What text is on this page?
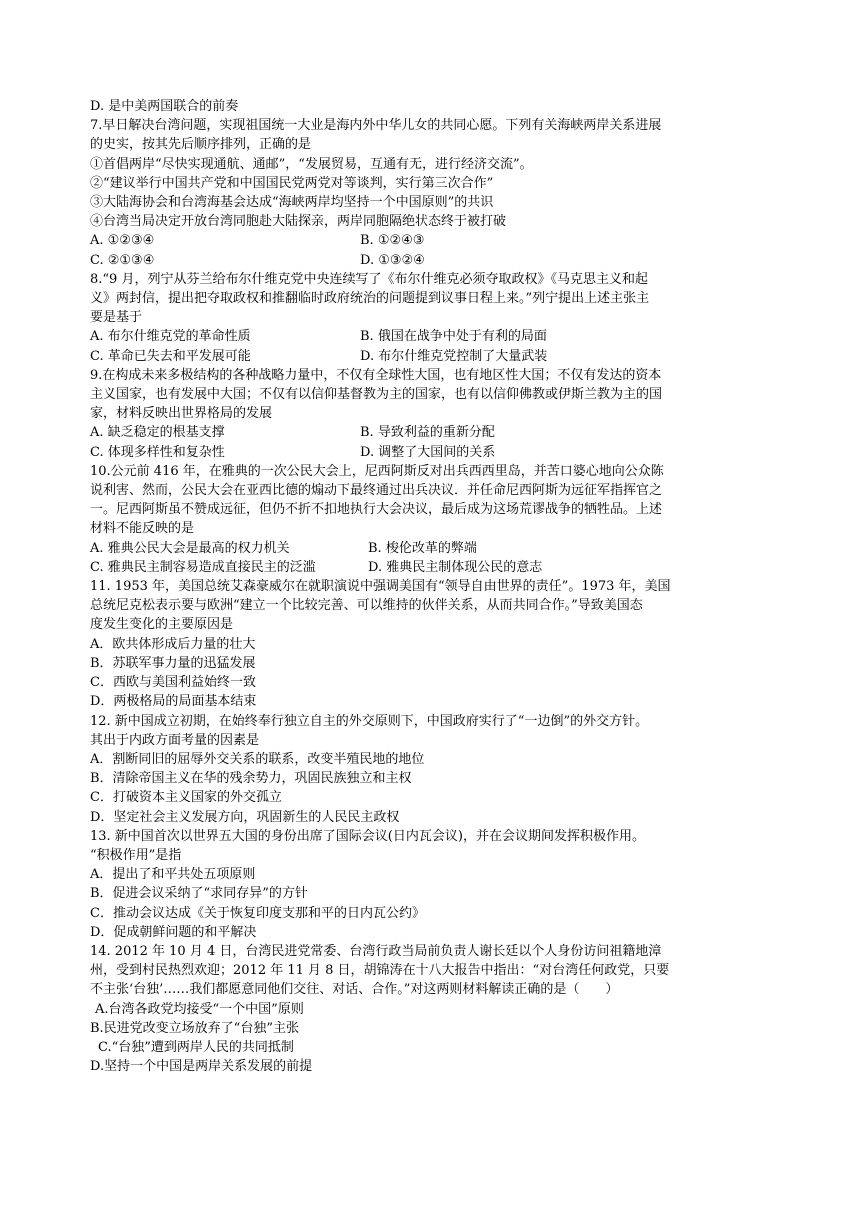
D. 是中美两国联合的前奏
7.早日解决台湾问题，实现祖国统一大业是海内外中华儿女的共同心愿。下列有关海峡两岸关系进展
的史实，按其先后顺序排列，正确的是
①首倡两岸“尽快实现通航、通邮”，“发展贸易，互通有无，进行经济交流”。
②“建议举行中国共产党和中国国民党两党对等谈判，实行第三次合作”
③大陆海协会和台湾海基会达成“海峡两岸均坚持一个中国原则”的共识
④台湾当局决定开放台湾同胞赴大陆探亲，两岸同胞隔绝状态终于被打破
A. ①②③④	B. ①②④③
C. ②①③④	D. ①③②④
8.“9 月，列宁从芬兰给布尔什维克党中央连续写了《布尔什维克必须夺取政权》《马克思主义和起
义》两封信，提出把夺取政权和推翻临时政府统治的问题提到议事日程上来。”列宁提出上述主张主
要是基于
A. 布尔什维克党的革命性质	B. 俄国在战争中处于有利的局面
C. 革命已失去和平发展可能	D. 布尔什维克党控制了大量武装
9.在构成未来多极结构的各种战略力量中，不仅有全球性大国，也有地区性大国；不仅有发达的资本
主义国家，也有发展中大国；不仅有以信仰基督教为主的国家，也有以信仰佛教或伊斯兰教为主的国
家，材料反映出世界格局的发展
A. 缺乏稳定的根基支撑	B. 导致利益的重新分配
C. 体现多样性和复杂性	D. 调整了大国间的关系
10.公元前 416 年，在雅典的一次公民大会上，尼西阿斯反对出兵西西里岛，并苦口婆心地向公众陈
说利害、然而，公民大会在亚西比德的煽动下最终通过出兵决议．并任命尼西阿斯为远征军指挥官之
一。尼西阿斯虽不赞成远征，但仍不折不扣地执行大会决议，最后成为这场荒谬战争的牺牲品。上述
材料不能反映的是
A. 雅典公民大会是最高的权力机关	B. 梭伦改革的弊端
C. 雅典民主制容易造成直接民主的泛滥	D. 雅典民主制体现公民的意志
11. 1953 年，美国总统艾森豪威尔在就职演说中强调美国有“领导自由世界的责任”。1973 年，美国
总统尼克松表示要与欧洲“建立一个比较完善、可以维持的伙伴关系，从而共同合作。”导致美国态
度发生变化的主要原因是
A．欧共体形成后力量的壮大
B．苏联军事力量的迅猛发展
C．西欧与美国利益始终一致
D．两极格局的局面基本结束
12. 新中国成立初期，在始终奉行独立自主的外交原则下，中国政府实行了“一边倒”的外交方针。
其出于内政方面考量的因素是
A．割断同旧的屈辱外交关系的联系，改变半殖民地的地位
B．清除帝国主义在华的残余势力，巩固民族独立和主权
C．打破资本主义国家的外交孤立
D．坚定社会主义发展方向，巩固新生的人民民主政权
13. 新中国首次以世界五大国的身份出席了国际会议(日内瓦会议)，并在会议期间发挥积极作用。
“积极作用”是指
A．提出了和平共处五项原则
B．促进会议采纳了“求同存异”的方针
C．推动会议达成《关于恢复印度支那和平的日内瓦公约》
D．促成朝鲜问题的和平解决
14. 2012 年 10 月 4 日，台湾民进党常委、台湾行政当局前负责人谢长廷以个人身份访问祖籍地漳
州，受到村民热烈欢迎；2012 年 11 月 8 日，胡锦涛在十八大报告中指出：“对台湾任何政党，只要
不主张‘台独’……我们都愿意同他们交往、对话、合作。”对这两则材料解读正确的是（　　）
A.台湾各政党均接受“一个中国”原则
B.民进党改变立场放弃了“台独”主张
C.“台独”遭到两岸人民的共同抵制
D.坚持一个中国是两岸关系发展的前提
